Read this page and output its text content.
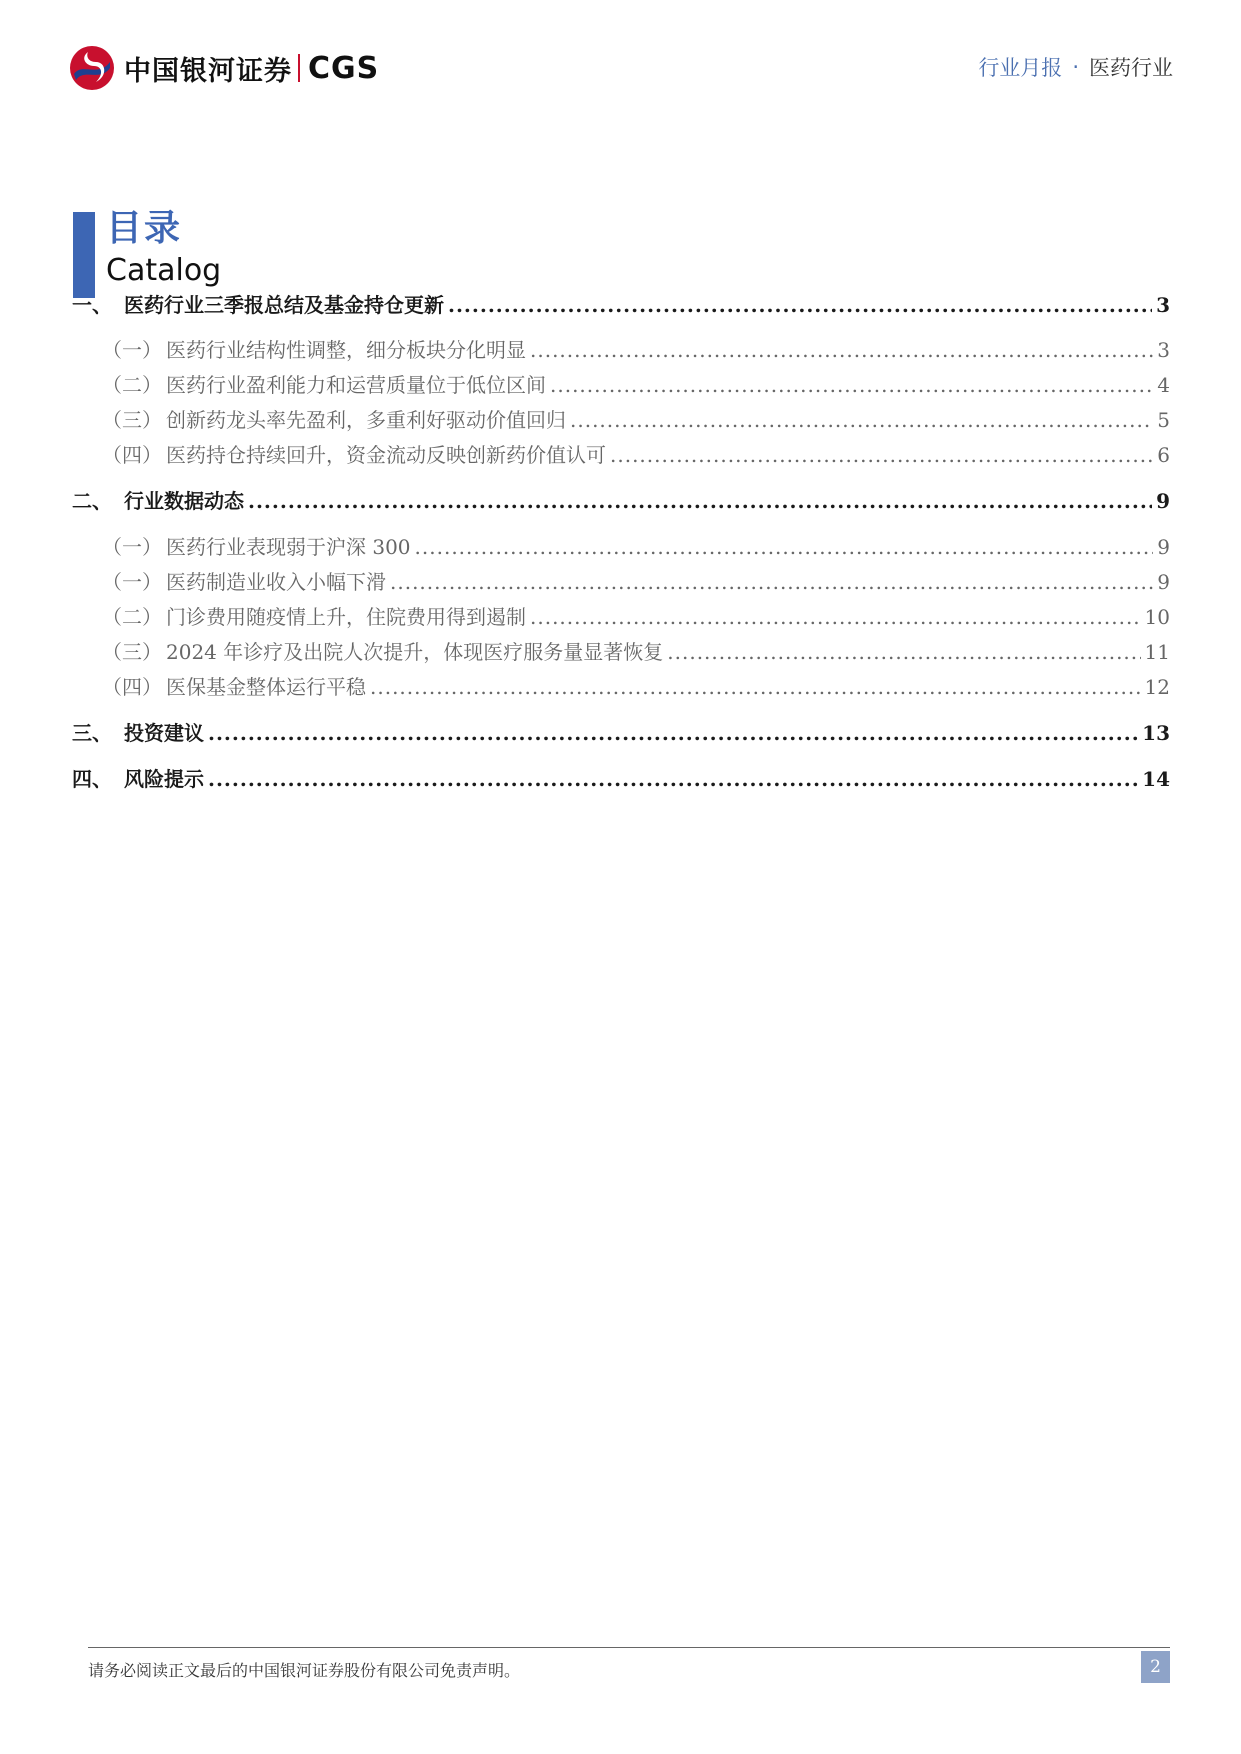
中国银河证券 CGS	行业月报 · 医药行业
目录
Catalog
一、 医药行业三季报总结及基金持仓更新 .....	3
（一） 医药行业结构性调整，细分板块分化明显 .....	3
（二） 医药行业盈利能力和运营质量位于低位区间 .....	4
（三） 创新药龙头率先盈利，多重利好驱动价值回归 .....	5
（四） 医药持仓持续回升，资金流动反映创新药价值认可 .....	6
二、 行业数据动态 .....	9
（一） 医药行业表现弱于沪深 300 .....	9
（一） 医药制造业收入小幅下滑 .....	9
（二） 门诊费用随疫情上升，住院费用得到遏制 .....	10
（三） 2024 年诊疗及出院人次提升，体现医疗服务量显著恢复 .....	11
（四） 医保基金整体运行平稳 .....	12
三、 投资建议 .....	13
四、 风险提示 .....	14
请务必阅读正文最后的中国银河证券股份有限公司免责声明。	2
